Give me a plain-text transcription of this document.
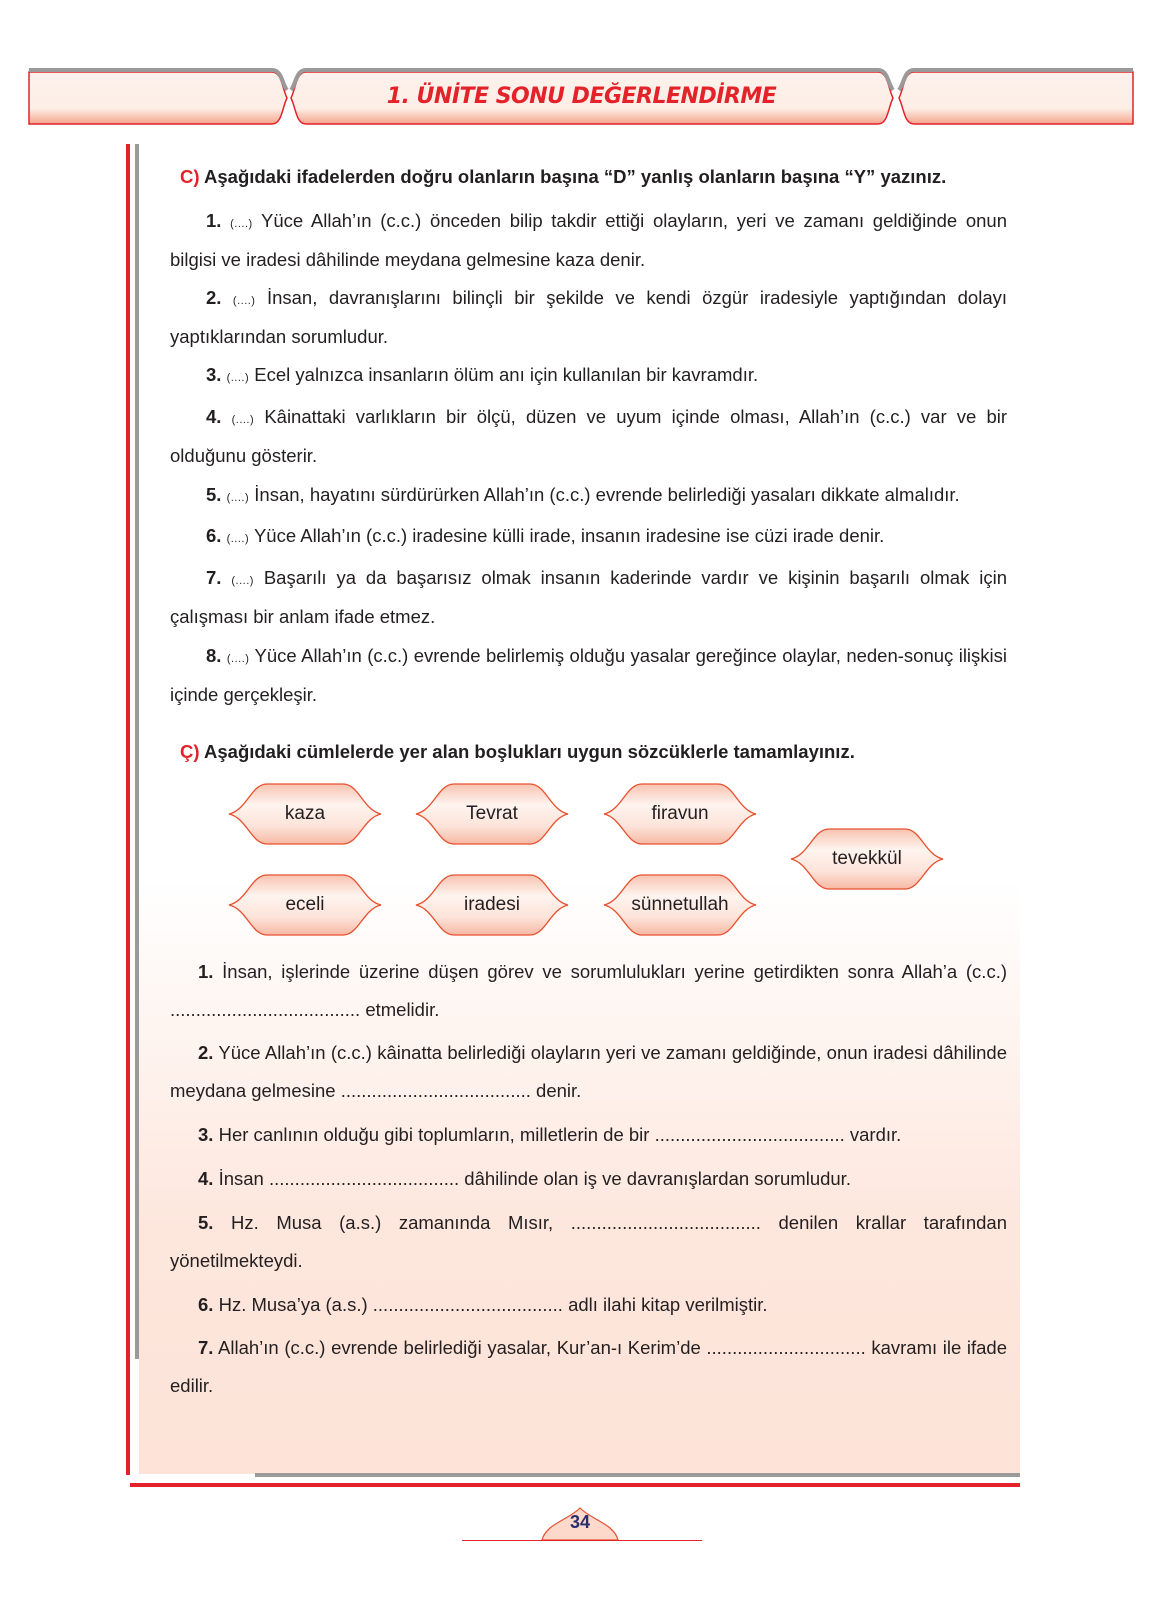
1. ÜNİTE SONU DEĞERLENDİRME
C) Aşağıdaki ifadelerden doğru olanların başına “D” yanlış olanların başına “Y” yazınız.
1. (....) Yüce Allah’ın (c.c.) önceden bilip takdir ettiği olayların, yeri ve zamanı geldiğinde onun bilgisi ve iradesi dâhilinde meydana gelmesine kaza denir.
2. (....) İnsan, davranışlarını bilinçli bir şekilde ve kendi özgür iradesiyle yaptığından dolayı yaptıklarından sorumludur.
3. (....) Ecel yalnızca insanların ölüm anı için kullanılan bir kavramdır.
4. (....) Kâinattaki varlıkların bir ölçü, düzen ve uyum içinde olması, Allah’ın (c.c.) var ve bir olduğunu gösterir.
5. (....) İnsan, hayatını sürdürürken Allah’ın (c.c.) evrende belirlediği yasaları dikkate almalıdır.
6. (....) Yüce Allah’ın (c.c.) iradesine külli irade, insanın iradesine ise cüzi irade denir.
7. (....) Başarılı ya da başarısız olmak insanın kaderinde vardır ve kişinin başarılı olmak için çalışması bir anlam ifade etmez.
8. (....) Yüce Allah’ın (c.c.) evrende belirlemiş olduğu yasalar gereğince olaylar, neden-sonuç ilişkisi içinde gerçekleşir.
Ç) Aşağıdaki cümlelerde yer alan boşlukları uygun sözcüklerle tamamlayınız.
kaza	Tevrat	firavun
tevekkül
eceli	iradesi	sünnetullah
1. İnsan, işlerinde üzerine düşen görev ve sorumlulukları yerine getirdikten sonra Allah’a (c.c.) ..................................... etmelidir.
2. Yüce Allah’ın (c.c.) kâinatta belirlediği olayların yeri ve zamanı geldiğinde, onun iradesi dâhilinde meydana gelmesine ..................................... denir.
3. Her canlının olduğu gibi toplumların, milletlerin de bir ..................................... vardır.
4. İnsan ..................................... dâhilinde olan iş ve davranışlardan sorumludur.
5. Hz. Musa (a.s.) zamanında Mısır, ..................................... denilen krallar tarafından yönetilmekteydi.
6. Hz. Musa’ya (a.s.) ..................................... adlı ilahi kitap verilmiştir.
7. Allah’ın (c.c.) evrende belirlediği yasalar, Kur’an-ı Kerim’de ............................... kavramı ile ifade edilir.
34
